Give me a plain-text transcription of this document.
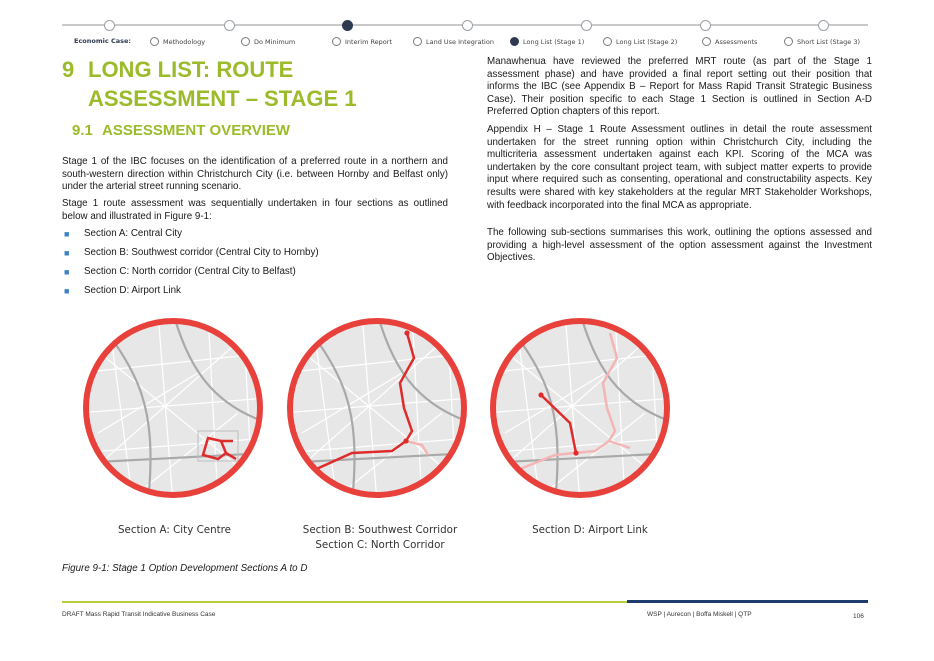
Economic Case:	Methodology	Do Minimum	Interim Report	Land Use Integration	Long List (Stage 1)	Long List (Stage 2)	Assessments	Short List (Stage 3)
9 LONG LIST: ROUTE
ASSESSMENT – STAGE 1
9.1 ASSESSMENT OVERVIEW
Stage 1 of the IBC focuses on the identification of a preferred route in a northern and south-western direction within Christchurch City (i.e. between Hornby and Belfast only) under the arterial street running scenario.
Stage 1 route assessment was sequentially undertaken in four sections as outlined below and illustrated in Figure 9-1:
■ Section A: Central City
■ Section B: Southwest corridor (Central City to Hornby)
■ Section C: North corridor (Central City to Belfast)
■ Section D: Airport Link
Manawhenua have reviewed the preferred MRT route (as part of the Stage 1 assessment phase) and have provided a final report setting out their position that informs the IBC (see Appendix B – Report for Mass Rapid Transit Strategic Business Case). Their position specific to each Stage 1 Section is outlined in Section A-D Preferred Option chapters of this report.
Appendix H – Stage 1 Route Assessment outlines in detail the route assessment undertaken for the street running option within Christchurch City, including the multicriteria assessment undertaken against each KPI. Scoring of the MCA was undertaken by the core consultant project team, with subject matter experts to provide input where required such as consenting, operational and constructability aspects. Key results were shared with key stakeholders at the regular MRT Stakeholder Workshops, with feedback incorporated into the final MCA as appropriate.
The following sub-sections summarises this work, outlining the options assessed and providing a high-level assessment of the option assessment against the Investment Objectives.
Section A: City Centre	Section B: Southwest Corridor
Section C: North Corridor
Section D: Airport Link
Figure 9-1: Stage 1 Option Development Sections A to D
DRAFT Mass Rapid Transit Indicative Business Case	WSP | Aurecon | Boffa Miskell | QTP	106
